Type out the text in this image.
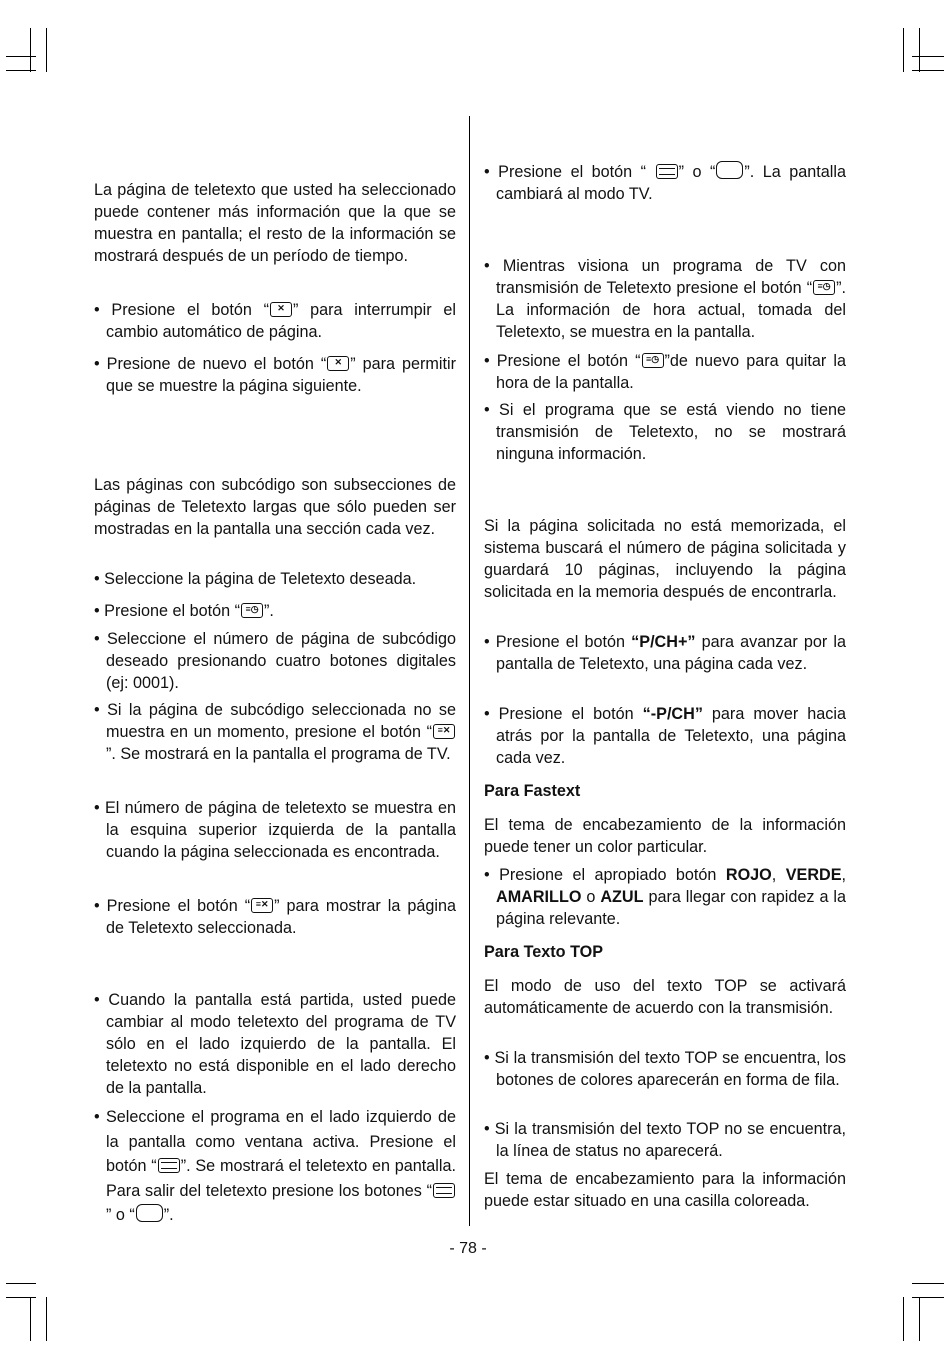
La página de teletexto que usted ha seleccionado puede contener más información que la que se muestra en pantalla; el resto de la información se mostrará después de un período de tiempo.

• Presione el botón “ ✕ ” para interrumpir el cambio automático de página.

• Presione de nuevo el botón “ ✕ ” para permitir que se muestre la página siguiente.

Las páginas con subcódigo son subsecciones de páginas de Teletexto largas que sólo pueden ser mostradas en la pantalla una sección cada vez.

• Seleccione la página de Teletexto deseada.

• Presione el botón “ ≡◷ ”.

• Seleccione el número de página de subcódigo deseado presionando cuatro botones digitales (ej: 0001).

• Si la página de subcódigo seleccionada no se muestra en un momento, presione el botón “ ≡✕
”. Se mostrará en la pantalla el programa de TV.

• El número de página de teletexto se muestra en la esquina superior izquierda de la pantalla cuando la página seleccionada es encontrada.

• Presione el botón “ ≡✕ ” para mostrar la página de Teletexto seleccionada.

• Cuando la pantalla está partida, usted puede cambiar al modo teletexto del programa de TV sólo en el lado izquierdo de la pantalla. El teletexto no está disponible en el lado derecho de la pantalla.

• Seleccione el programa en el lado izquierdo de la pantalla como ventana activa. Presione el botón “ ”. Se mostrará el teletexto en pantalla. Para salir del teletexto presione los botones “
” o “ ”.

• Presione el botón “
” o “ ”. La pantalla cambiará al modo TV.

• Mientras visiona un programa de TV con transmisión de Teletexto presione el botón “ ≡◷ ”. La información de hora actual, tomada del Teletexto, se muestra en la pantalla.

• Presione el botón “ ≡◷ ”de nuevo para quitar la hora de la pantalla.

• Si el programa que se está viendo no tiene transmisión de Teletexto, no se mostrará ninguna información.

Si la página solicitada no está memorizada, el sistema buscará el número de página solicitada y guardará 10 páginas, incluyendo la página solicitada en la memoria después de encontrarla.

• Presione el botón “P/CH+” para avanzar por la pantalla de Teletexto, una página cada vez.

• Presione el botón “-P/CH” para mover hacia atrás por la pantalla de Teletexto, una página cada vez.

Para Fastext

El tema de encabezamiento de la información puede tener un color particular.

• Presione el apropiado botón ROJO, VERDE, AMARILLO o AZUL para llegar con rapidez a la página relevante.

Para Texto TOP

El modo de uso del texto TOP se activará automáticamente de acuerdo con la transmisión.

• Si la transmisión del texto TOP se encuentra, los botones de colores aparecerán en forma de fila.

• Si la transmisión del texto TOP no se encuentra, la línea de status no aparecerá.

El tema de encabezamiento para la información puede estar situado en una casilla coloreada.

- 78 -
